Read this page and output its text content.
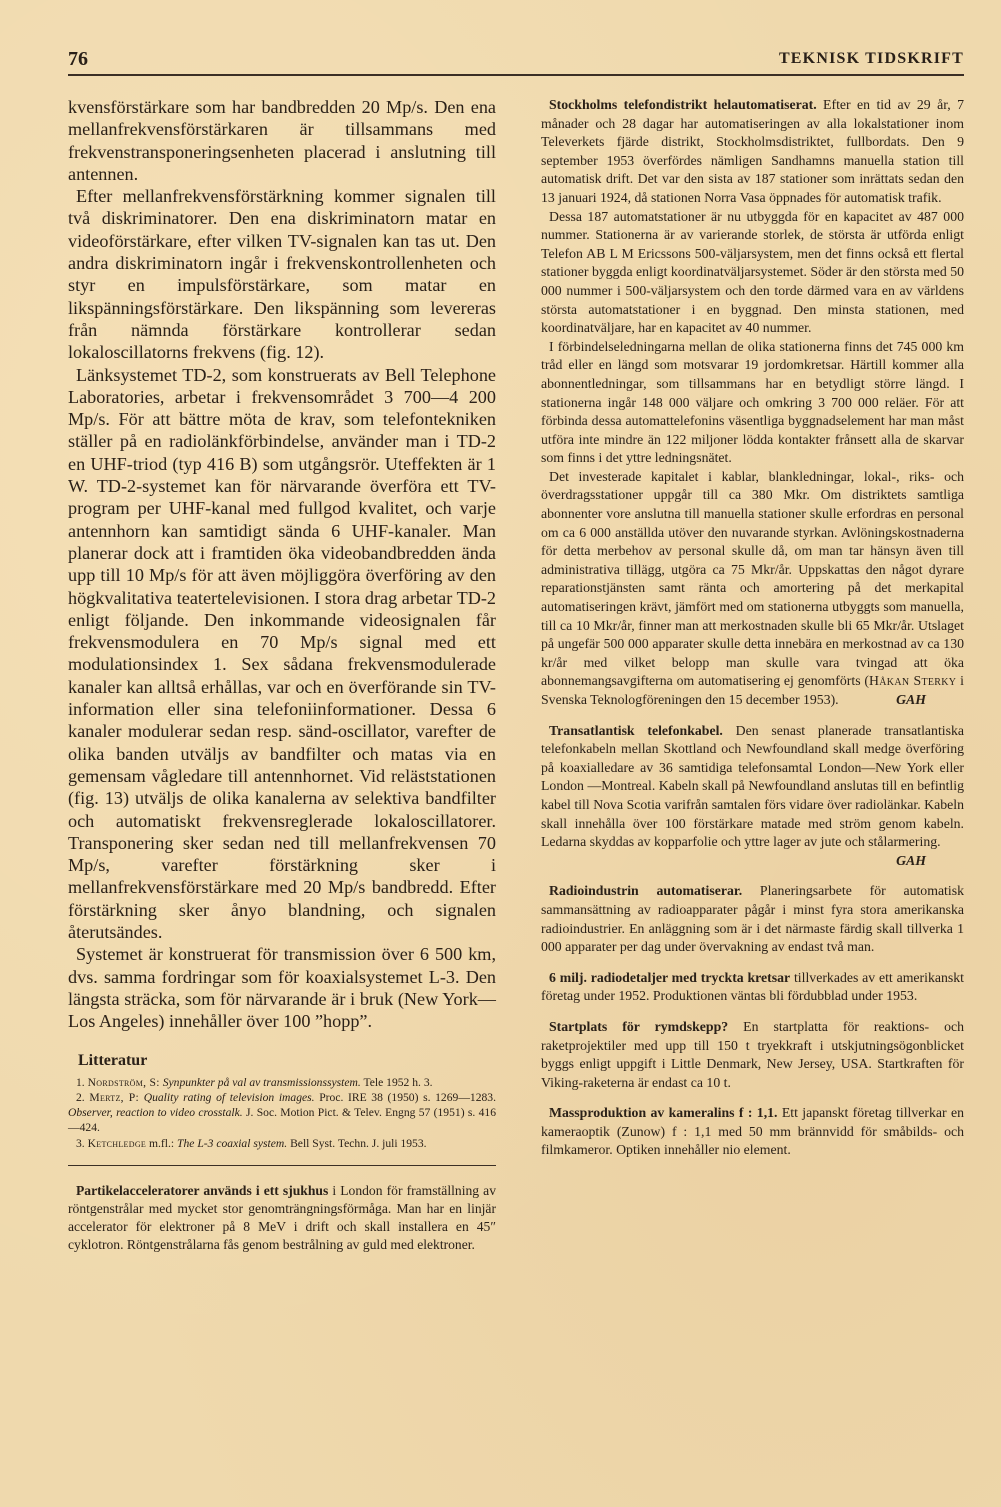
76	TEKNISK TIDSKRIFT

kvensförstärkare som har bandbredden 20 Mp/s. Den ena mellanfrekvensförstärkaren är tillsammans med frekvenstransponeringsenheten placerad i anslutning till antennen.

Efter mellanfrekvensförstärkning kommer signalen till två diskriminatorer. Den ena diskriminatorn matar en videoförstärkare, efter vilken TV-signalen kan tas ut. Den andra diskriminatorn ingår i frekvenskontrollenheten och styr en impulsförstärkare, som matar en likspänningsförstärkare. Den likspänning som levereras från nämnda förstärkare kontrollerar sedan lokaloscillatorns frekvens (fig. 12).

Länksystemet TD-2, som konstruerats av Bell Telephone Laboratories, arbetar i frekvensområdet 3 700—4 200 Mp/s. För att bättre möta de krav, som telefontekniken ställer på en radiolänkförbindelse, använder man i TD-2 en UHF-triod (typ 416 B) som utgångsrör. Uteffekten är 1 W. TD-2-systemet kan för närvarande överföra ett TV-program per UHF-kanal med fullgod kvalitet, och varje antennhorn kan samtidigt sända 6 UHF-kanaler. Man planerar dock att i framtiden öka videobandbredden ända upp till 10 Mp/s för att även möjliggöra överföring av den högkvalitativa teatertelevisionen. I stora drag arbetar TD-2 enligt följande. Den inkommande videosignalen får frekvensmodulera en 70 Mp/s signal med ett modulationsindex 1. Sex sådana frekvensmodulerade kanaler kan alltså erhållas, var och en överförande sin TV-information eller sina telefoniinformationer. Dessa 6 kanaler modulerar sedan resp. sänd-oscillator, varefter de olika banden utväljs av bandfilter och matas via en gemensam vågledare till antennhornet. Vid reläststationen (fig. 13) utväljs de olika kanalerna av selektiva bandfilter och automatiskt frekvensreglerade lokaloscillatorer. Transponering sker sedan ned till mellanfrekvensen 70 Mp/s, varefter förstärkning sker i mellanfrekvensförstärkare med 20 Mp/s bandbredd. Efter förstärkning sker ånyo blandning, och signalen återutsändes.

Systemet är konstruerat för transmission över 6 500 km, dvs. samma fordringar som för koaxialsystemet L-3. Den längsta sträcka, som för närvarande är i bruk (New York—Los Angeles) innehåller över 100 ”hopp”.

Litteratur

1. Nordström, S: Synpunkter på val av transmissionssystem. Tele 1952 h. 3.

2. Mertz, P: Quality rating of television images. Proc. IRE 38 (1950) s. 1269—1283. Observer, reaction to video crosstalk. J. Soc. Motion Pict. & Telev. Engng 57 (1951) s. 416—424.

3. Ketchledge m.fl.: The L-3 coaxial system. Bell Syst. Techn. J. juli 1953.

Partikelacceleratorer används i ett sjukhus i London för framställning av röntgenstrålar med mycket stor genomträngningsförmåga. Man har en linjär accelerator för elektroner på 8 MeV i drift och skall installera en 45″ cyklotron. Röntgenstrålarna fås genom bestrålning av guld med elektroner.

Stockholms telefondistrikt helautomatiserat. Efter en tid av 29 år, 7 månader och 28 dagar har automatiseringen av alla lokalstationer inom Televerkets fjärde distrikt, Stockholmsdistriktet, fullbordats. Den 9 september 1953 överfördes nämligen Sandhamns manuella station till automatisk drift. Det var den sista av 187 stationer som inrättats sedan den 13 januari 1924, då stationen Norra Vasa öppnades för automatisk trafik.

Dessa 187 automatstationer är nu utbyggda för en kapacitet av 487 000 nummer. Stationerna är av varierande storlek, de största är utförda enligt Telefon AB L M Ericssons 500-väljarsystem, men det finns också ett flertal stationer byggda enligt koordinatväljarsystemet. Söder är den största med 50 000 nummer i 500-väljarsystem och den torde därmed vara en av världens största automatstationer i en byggnad. Den minsta stationen, med koordinatväljare, har en kapacitet av 40 nummer.

I förbindelseledningarna mellan de olika stationerna finns det 745 000 km tråd eller en längd som motsvarar 19 jordomkretsar. Härtill kommer alla abonnentledningar, som tillsammans har en betydligt större längd. I stationerna ingår 148 000 väljare och omkring 3 700 000 reläer. För att förbinda dessa automattelefonins väsentliga byggnadselement har man måst utföra inte mindre än 122 miljoner lödda kontakter frånsett alla de skarvar som finns i det yttre ledningsnätet.

Det investerade kapitalet i kablar, blankledningar, lokal-, riks- och överdragsstationer uppgår till ca 380 Mkr. Om distriktets samtliga abonnenter vore anslutna till manuella stationer skulle erfordras en personal om ca 6 000 anställda utöver den nuvarande styrkan. Avlöningskostnaderna för detta merbehov av personal skulle då, om man tar hänsyn även till administrativa tillägg, utgöra ca 75 Mkr/år. Uppskattas den något dyrare reparationstjänsten samt ränta och amortering på det merkapital automatiseringen krävt, jämfört med om stationerna utbyggts som manuella, till ca 10 Mkr/år, finner man att merkostnaden skulle bli 65 Mkr/år. Utslaget på ungefär 500 000 apparater skulle detta innebära en merkostnad av ca 130 kr/år med vilket belopp man skulle vara tvingad att öka abonnemangsavgifterna om automatisering ej genomförts (Håkan Sterky i Svenska Teknologföreningen den 15 december 1953).	GAH

Transatlantisk telefonkabel. Den senast planerade transatlantiska telefonkabeln mellan Skottland och Newfoundland skall medge överföring på koaxialledare av 36 samtidiga telefonsamtal London—New York eller London —Montreal. Kabeln skall på Newfoundland anslutas till en befintlig kabel till Nova Scotia varifrån samtalen förs vidare över radiolänkar. Kabeln skall innehålla över 100 förstärkare matade med ström genom kabeln. Ledarna skyddas av kopparfolie och yttre lager av jute och stålarmering.
GAH

Radioindustrin automatiserar. Planeringsarbete för automatisk sammansättning av radioapparater pågår i minst fyra stora amerikanska radioindustrier. En anläggning som är i det närmaste färdig skall tillverka 1 000 apparater per dag under övervakning av endast två man.

6 milj. radiodetaljer med tryckta kretsar tillverkades av ett amerikanskt företag under 1952. Produktionen väntas bli fördubblad under 1953.

Startplats för rymdskepp? En startplatta för reaktions- och raketprojektiler med upp till 150 t tryekkraft i utskjutningsögonblicket byggs enligt uppgift i Little Denmark, New Jersey, USA. Startkraften för Viking-raketerna är endast ca 10 t.

Massproduktion av kameralins f : 1,1. Ett japanskt företag tillverkar en kameraoptik (Zunow) f : 1,1 med 50 mm brännvidd för småbilds- och filmkameror. Optiken innehåller nio element.
